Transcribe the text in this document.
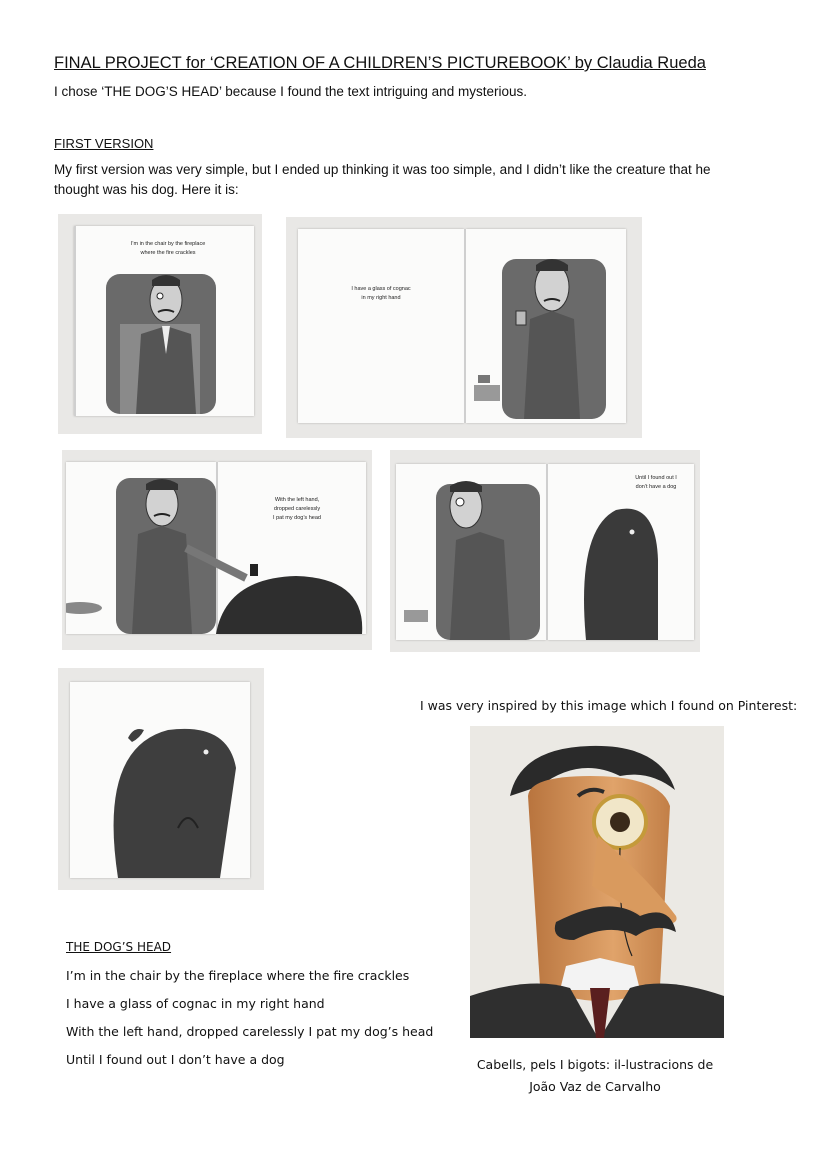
FINAL PROJECT for ‘CREATION OF A CHILDREN’S PICTUREBOOK’ by Claudia Rueda
I chose ‘THE DOG’S HEAD’ because I found the text intriguing and mysterious.
FIRST VERSION
My first version was very simple, but I ended up thinking it was too simple, and I didn’t like the creature that he thought was his dog. Here it is:
I’m in the chair by the fireplace
where the fire crackles
I have a glass of cognac
in my right hand
With the left hand,
dropped carelessly
I pat my dog’s head
Until I found out I
don’t have a dog
I was very inspired by this image which I found on Pinterest:
Cabells, pels I bigots: il-lustracions de João Vaz de Carvalho
THE DOG’S HEAD
I’m in the chair by the fireplace where the fire crackles
I have a glass of cognac in my right hand
With the left hand, dropped carelessly I pat my dog’s head
Until I found out I don’t have a dog
